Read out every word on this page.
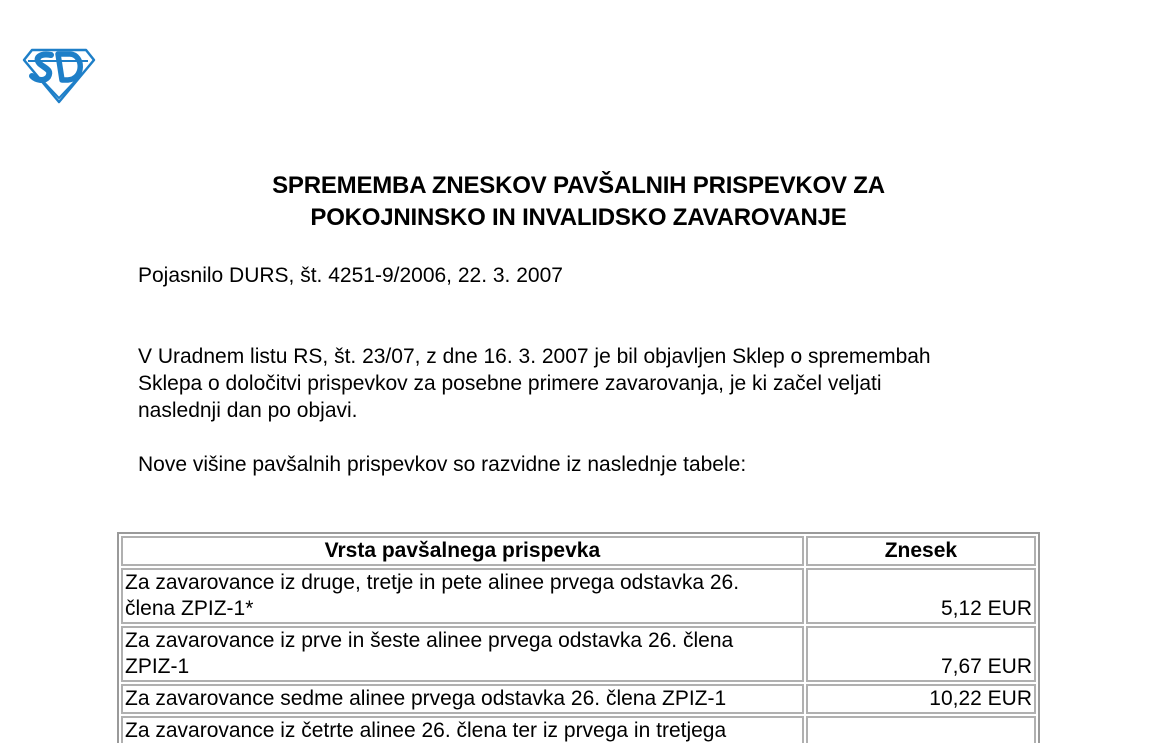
SPREMEMBA ZNESKOV PAVŠALNIH PRISPEVKOV ZA
POKOJNINSKO IN INVALIDSKO ZAVAROVANJE
Pojasnilo DURS, št. 4251-9/2006, 22. 3. 2007
V Uradnem listu RS, št. 23/07, z dne 16. 3. 2007 je bil objavljen Sklep o spremembah
Sklepa o določitvi prispevkov za posebne primere zavarovanja, je ki začel veljati
naslednji dan po objavi.
Nove višine pavšalnih prispevkov so razvidne iz naslednje tabele:
Vrsta pavšalnega prispevka	Znesek

Za zavarovance iz druge, tretje in pete alinee prvega odstavka 26.
člena ZPIZ-1*	5,12 EUR

Za zavarovance iz prve in šeste alinee prvega odstavka 26. člena
ZPIZ-1	7,67 EUR

Za zavarovance sedme alinee prvega odstavka 26. člena ZPIZ-1	10,22 EUR

Za zavarovance iz četrte alinee 26. člena ter iz prvega in tretjega	
